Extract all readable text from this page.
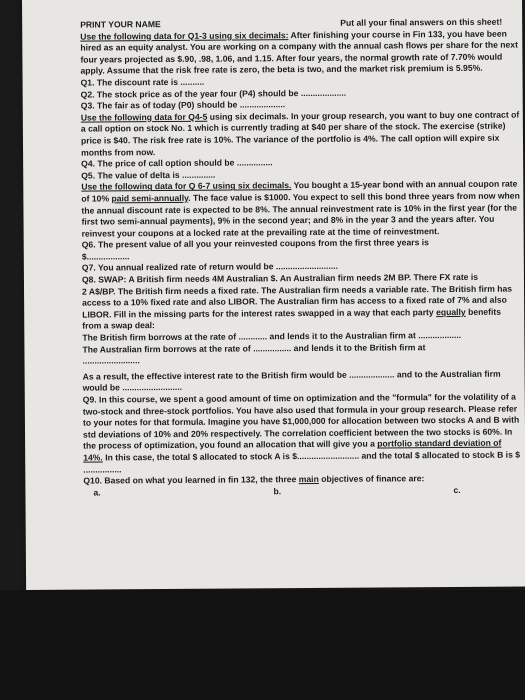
PRINT YOUR NAME	Put all your final answers on this sheet!

Use the following data for Q1-3 using six decimals: After finishing your course in Fin 133, you have been hired as an equity analyst. You are working on a company with the annual cash flows per share for the next four years projected as $.90, .98, 1.06, and 1.15. After four years, the normal growth rate of 7.70% would apply. Assume that the risk free rate is zero, the beta is two, and the market risk premium is 5.95%.

Q1. The discount rate is ..........

Q2. The stock price as of the year four (P4) should be ...................

Q3. The fair as of today (P0) should be ...................

Use the following data for Q4-5 using six decimals. In your group research, you want to buy one contract of a call option on stock No. 1 which is currently trading at $40 per share of the stock. The exercise (strike) price is $40. The risk free rate is 10%. The variance of the portfolio is 4%. The call option will expire six months from now.

Q4. The price of call option should be ...............

Q5. The value of delta is ..............

Use the following data for Q 6-7 using six decimals. You bought a 15-year bond with an annual coupon rate of 10% paid semi-annually. The face value is $1000. You expect to sell this bond three years from now when the annual discount rate is expected to be 8%. The annual reinvestment rate is 10% in the first year (for the first two semi-annual payments), 9% in the second year; and 8% in the year 3 and the years after. You reinvest your coupons at a locked rate at the prevailing rate at the time of reinvestment.

Q6. The present value of all you your reinvested coupons from the first three years is

$..................

Q7. You annual realized rate of return would be ..........................

Q8. SWAP: A British firm needs 4M Australian $. An Australian firm needs 2M BP. There FX rate is

2 A$/BP. The British firm needs a fixed rate. The Australian firm needs a variable rate. The British firm has access to a 10% fixed rate and also LIBOR. The Australian firm has access to a fixed rate of 7% and also LIBOR. Fill in the missing parts for the interest rates swapped in a way that each party equally benefits from a swap deal:

The British firm borrows at the rate of ............ and lends it to the Australian firm at ..................

The Australian firm borrows at the rate of ................ and lends it to the British firm at

........................

As a result, the effective interest rate to the British firm would be ................... and to the Australian firm would be .........................

Q9. In this course, we spent a good amount of time on optimization and the "formula" for the volatility of a two-stock and three-stock portfolios. You have also used that formula in your group research. Please refer to your notes for that formula. Imagine you have $1,000,000 for allocation between two stocks A and B with std deviations of 10% and 20% respectively. The correlation coefficient between the two stocks is 60%. In the process of optimization, you found an allocation that will give you a portfolio standard deviation of 14%. In this case, the total $ allocated to stock A is $.......................... and the total $ allocated to stock B is $ ................

Q10. Based on what you learned in fin 132, the three main objectives of finance are:

a.	b.	c.
